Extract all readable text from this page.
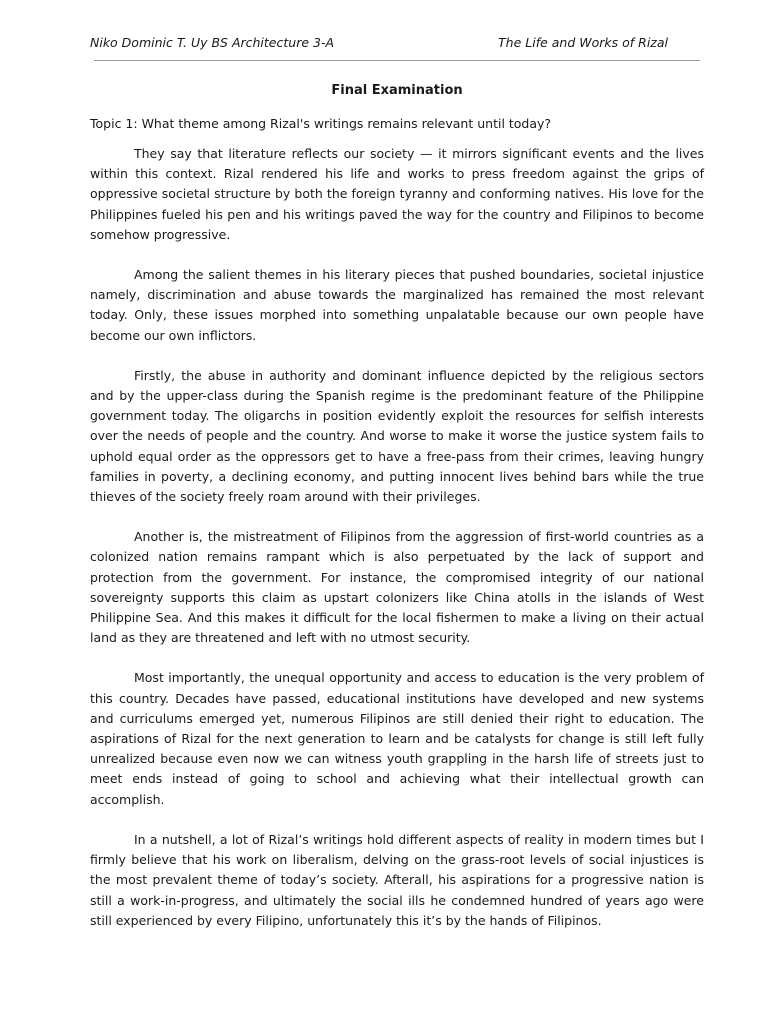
Niko Dominic T. Uy BS Architecture 3-A	The Life and Works of Rizal
Final Examination
Topic 1: What theme among Rizal's writings remains relevant until today?

They say that literature reflects our society — it mirrors significant events and the lives within this context. Rizal rendered his life and works to press freedom against the grips of oppressive societal structure by both the foreign tyranny and conforming natives. His love for the Philippines fueled his pen and his writings paved the way for the country and Filipinos to become somehow progressive.

Among the salient themes in his literary pieces that pushed boundaries, societal injustice namely, discrimination and abuse towards the marginalized has remained the most relevant today. Only, these issues morphed into something unpalatable because our own people have become our own inflictors.

Firstly, the abuse in authority and dominant influence depicted by the religious sectors and by the upper-class during the Spanish regime is the predominant feature of the Philippine government today. The oligarchs in position evidently exploit the resources for selfish interests over the needs of people and the country. And worse to make it worse the justice system fails to uphold equal order as the oppressors get to have a free-pass from their crimes, leaving hungry families in poverty, a declining economy, and putting innocent lives behind bars while the true thieves of the society freely roam around with their privileges.

Another is, the mistreatment of Filipinos from the aggression of first-world countries as a colonized nation remains rampant which is also perpetuated by the lack of support and protection from the government. For instance, the compromised integrity of our national sovereignty supports this claim as upstart colonizers like China atolls in the islands of West Philippine Sea. And this makes it difficult for the local fishermen to make a living on their actual land as they are threatened and left with no utmost security.

Most importantly, the unequal opportunity and access to education is the very problem of this country. Decades have passed, educational institutions have developed and new systems and curriculums emerged yet, numerous Filipinos are still denied their right to education. The aspirations of Rizal for the next generation to learn and be catalysts for change is still left fully unrealized because even now we can witness youth grappling in the harsh life of streets just to meet ends instead of going to school and achieving what their intellectual growth can accomplish.

In a nutshell, a lot of Rizal’s writings hold different aspects of reality in modern times but I firmly believe that his work on liberalism, delving on the grass-root levels of social injustices is the most prevalent theme of today’s society. Afterall, his aspirations for a progressive nation is still a work-in-progress, and ultimately the social ills he condemned hundred of years ago were still experienced by every Filipino, unfortunately this it’s by the hands of Filipinos.
